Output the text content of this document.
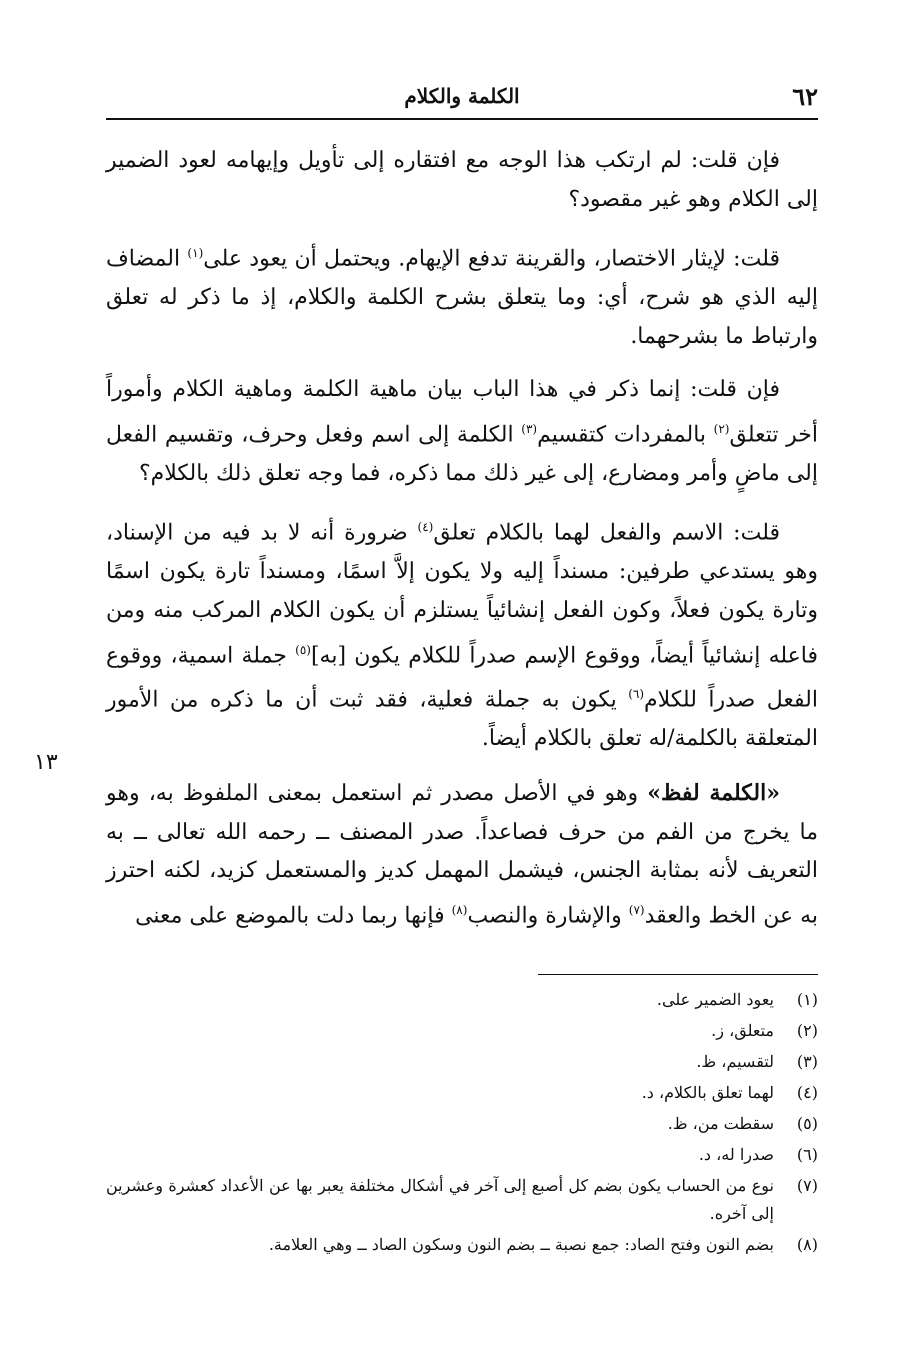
٦٢
الكلمة والكلام

فإن قلت: لم ارتكب هذا الوجه مع افتقاره إلى تأويل وإيهامه لعود الضمير إلى الكلام وهو غير مقصود؟

قلت: لإيثار الاختصار، والقرينة تدفع الإيهام. ويحتمل أن يعود على$^{(١)}$ المضاف إليه الذي هو شرح، أي: وما يتعلق بشرح الكلمة والكلام، إذ ما ذكر له تعلق وارتباط ما بشرحهما.

فإن قلت: إنما ذكر في هذا الباب بيان ماهية الكلمة وماهية الكلام وأموراً أخر تتعلق$^{(٢)}$ بالمفردات كتقسيم$^{(٣)}$ الكلمة إلى اسم وفعل وحرف، وتقسيم الفعل إلى ماضٍ وأمر ومضارع، إلى غير ذلك مما ذكره، فما وجه تعلق ذلك بالكلام؟

قلت: الاسم والفعل لهما بالكلام تعلق$^{(٤)}$ ضرورة أنه لا بد فيه من الإسناد، وهو يستدعي طرفين: مسنداً إليه ولا يكون إلاَّ اسمًا، ومسنداً تارة يكون اسمًا وتارة يكون فعلاً، وكون الفعل إنشائياً يستلزم أن يكون الكلام المركب منه ومن فاعله إنشائياً أيضاً، ووقوع الإسم صدراً للكلام يكون [به]$^{(٥)}$ جملة اسمية، ووقوع الفعل صدراً للكلام$^{(٦)}$ يكون به جملة فعلية، فقد ثبت أن ما ذكره من الأمور المتعلقة بالكلمة/له تعلق بالكلام أيضاً.

«الكلمة لفظ» وهو في الأصل مصدر ثم استعمل بمعنى الملفوظ به، وهو ما يخرج من الفم من حرف فصاعداً. صدر المصنف ــ رحمه الله تعالى ــ به التعريف لأنه بمثابة الجنس، فيشمل المهمل كديز والمستعمل كزيد، لكنه احترز به عن الخط والعقد$^{(٧)}$ والإشارة والنصب$^{(٨)}$ فإنها ربما دلت بالموضع على معنى

١٣
(١)
يعود الضمير على.
(٢)
متعلق، ز.
(٣)
لتقسيم، ظ.
(٤)
لهما تعلق بالكلام، د.
(٥)
سقطت من، ظ.
(٦)
صدرا له، د.
(٧)
نوع من الحساب يكون بضم كل أصبع إلى آخر في أشكال مختلفة يعبر بها عن الأعداد كعشرة وعشرين إلى آخره.
(٨)
بضم النون وفتح الصاد: جمع نصبة ــ بضم النون وسكون الصاد ــ وهي العلامة.
